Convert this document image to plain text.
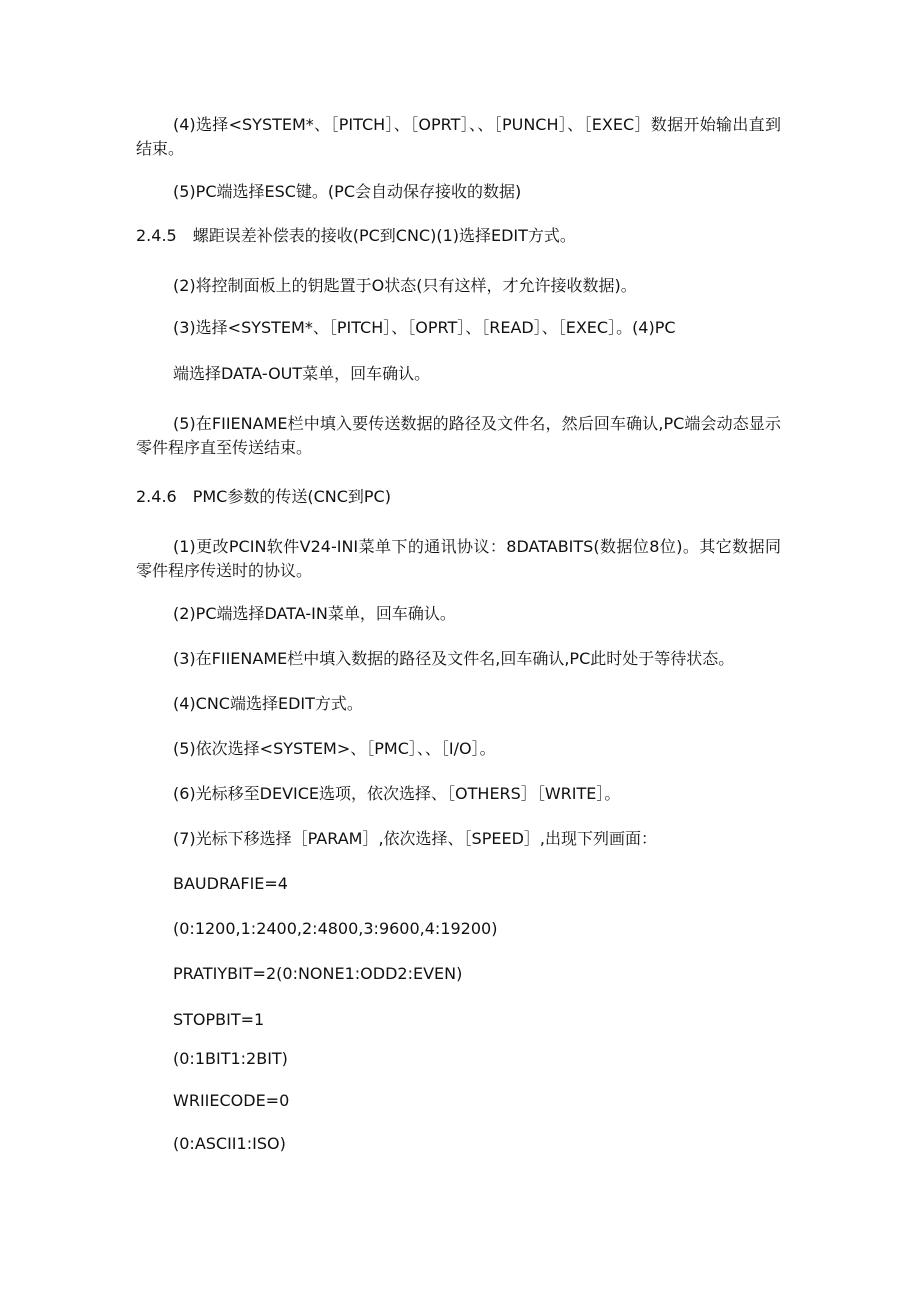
(4)选择<SYSTEM*、［PITCH］、［OPRT］、、［PUNCH］、［EXEC］数据开始输出直到结束。
(5)PC端选择ESC键。(PC会自动保存接收的数据)
2.4.5　螺距误差补偿表的接收(PC到CNC)(1)选择EDIT方式。
(2)将控制面板上的钥匙置于O状态(只有这样，才允许接收数据)。
(3)选择<SYSTEM*、［PITCH］、［OPRT］、［READ］、［EXEC］。(4)PC
端选择DATA-OUT菜单，回车确认。
(5)在FIIENAME栏中填入要传送数据的路径及文件名，然后回车确认,PC端会动态显示零件程序直至传送结束。
2.4.6　PMC参数的传送(CNC到PC)
(1)更改PCIN软件V24-INI菜单下的通讯协议：8DATABITS(数据位8位)。其它数据同零件程序传送时的协议。
(2)PC端选择DATA-IN菜单，回车确认。
(3)在FIIENAME栏中填入数据的路径及文件名,回车确认,PC此时处于等待状态。
(4)CNC端选择EDIT方式。
(5)依次选择<SYSTEM>、［PMC］、、［I/O］。
(6)光标移至DEVICE选项，依次选择、［OTHERS］［WRITE］。
(7)光标下移选择［PARAM］,依次选择、［SPEED］,出现下列画面：
BAUDRAFIE=4
(0:1200,1:2400,2:4800,3:9600,4:19200)
PRATIYBIT=2(0:NONE1:ODD2:EVEN)
STOPBIT=1
(0:1BIT1:2BIT)
WRIIECODE=0
(0:ASCII1:ISO)
